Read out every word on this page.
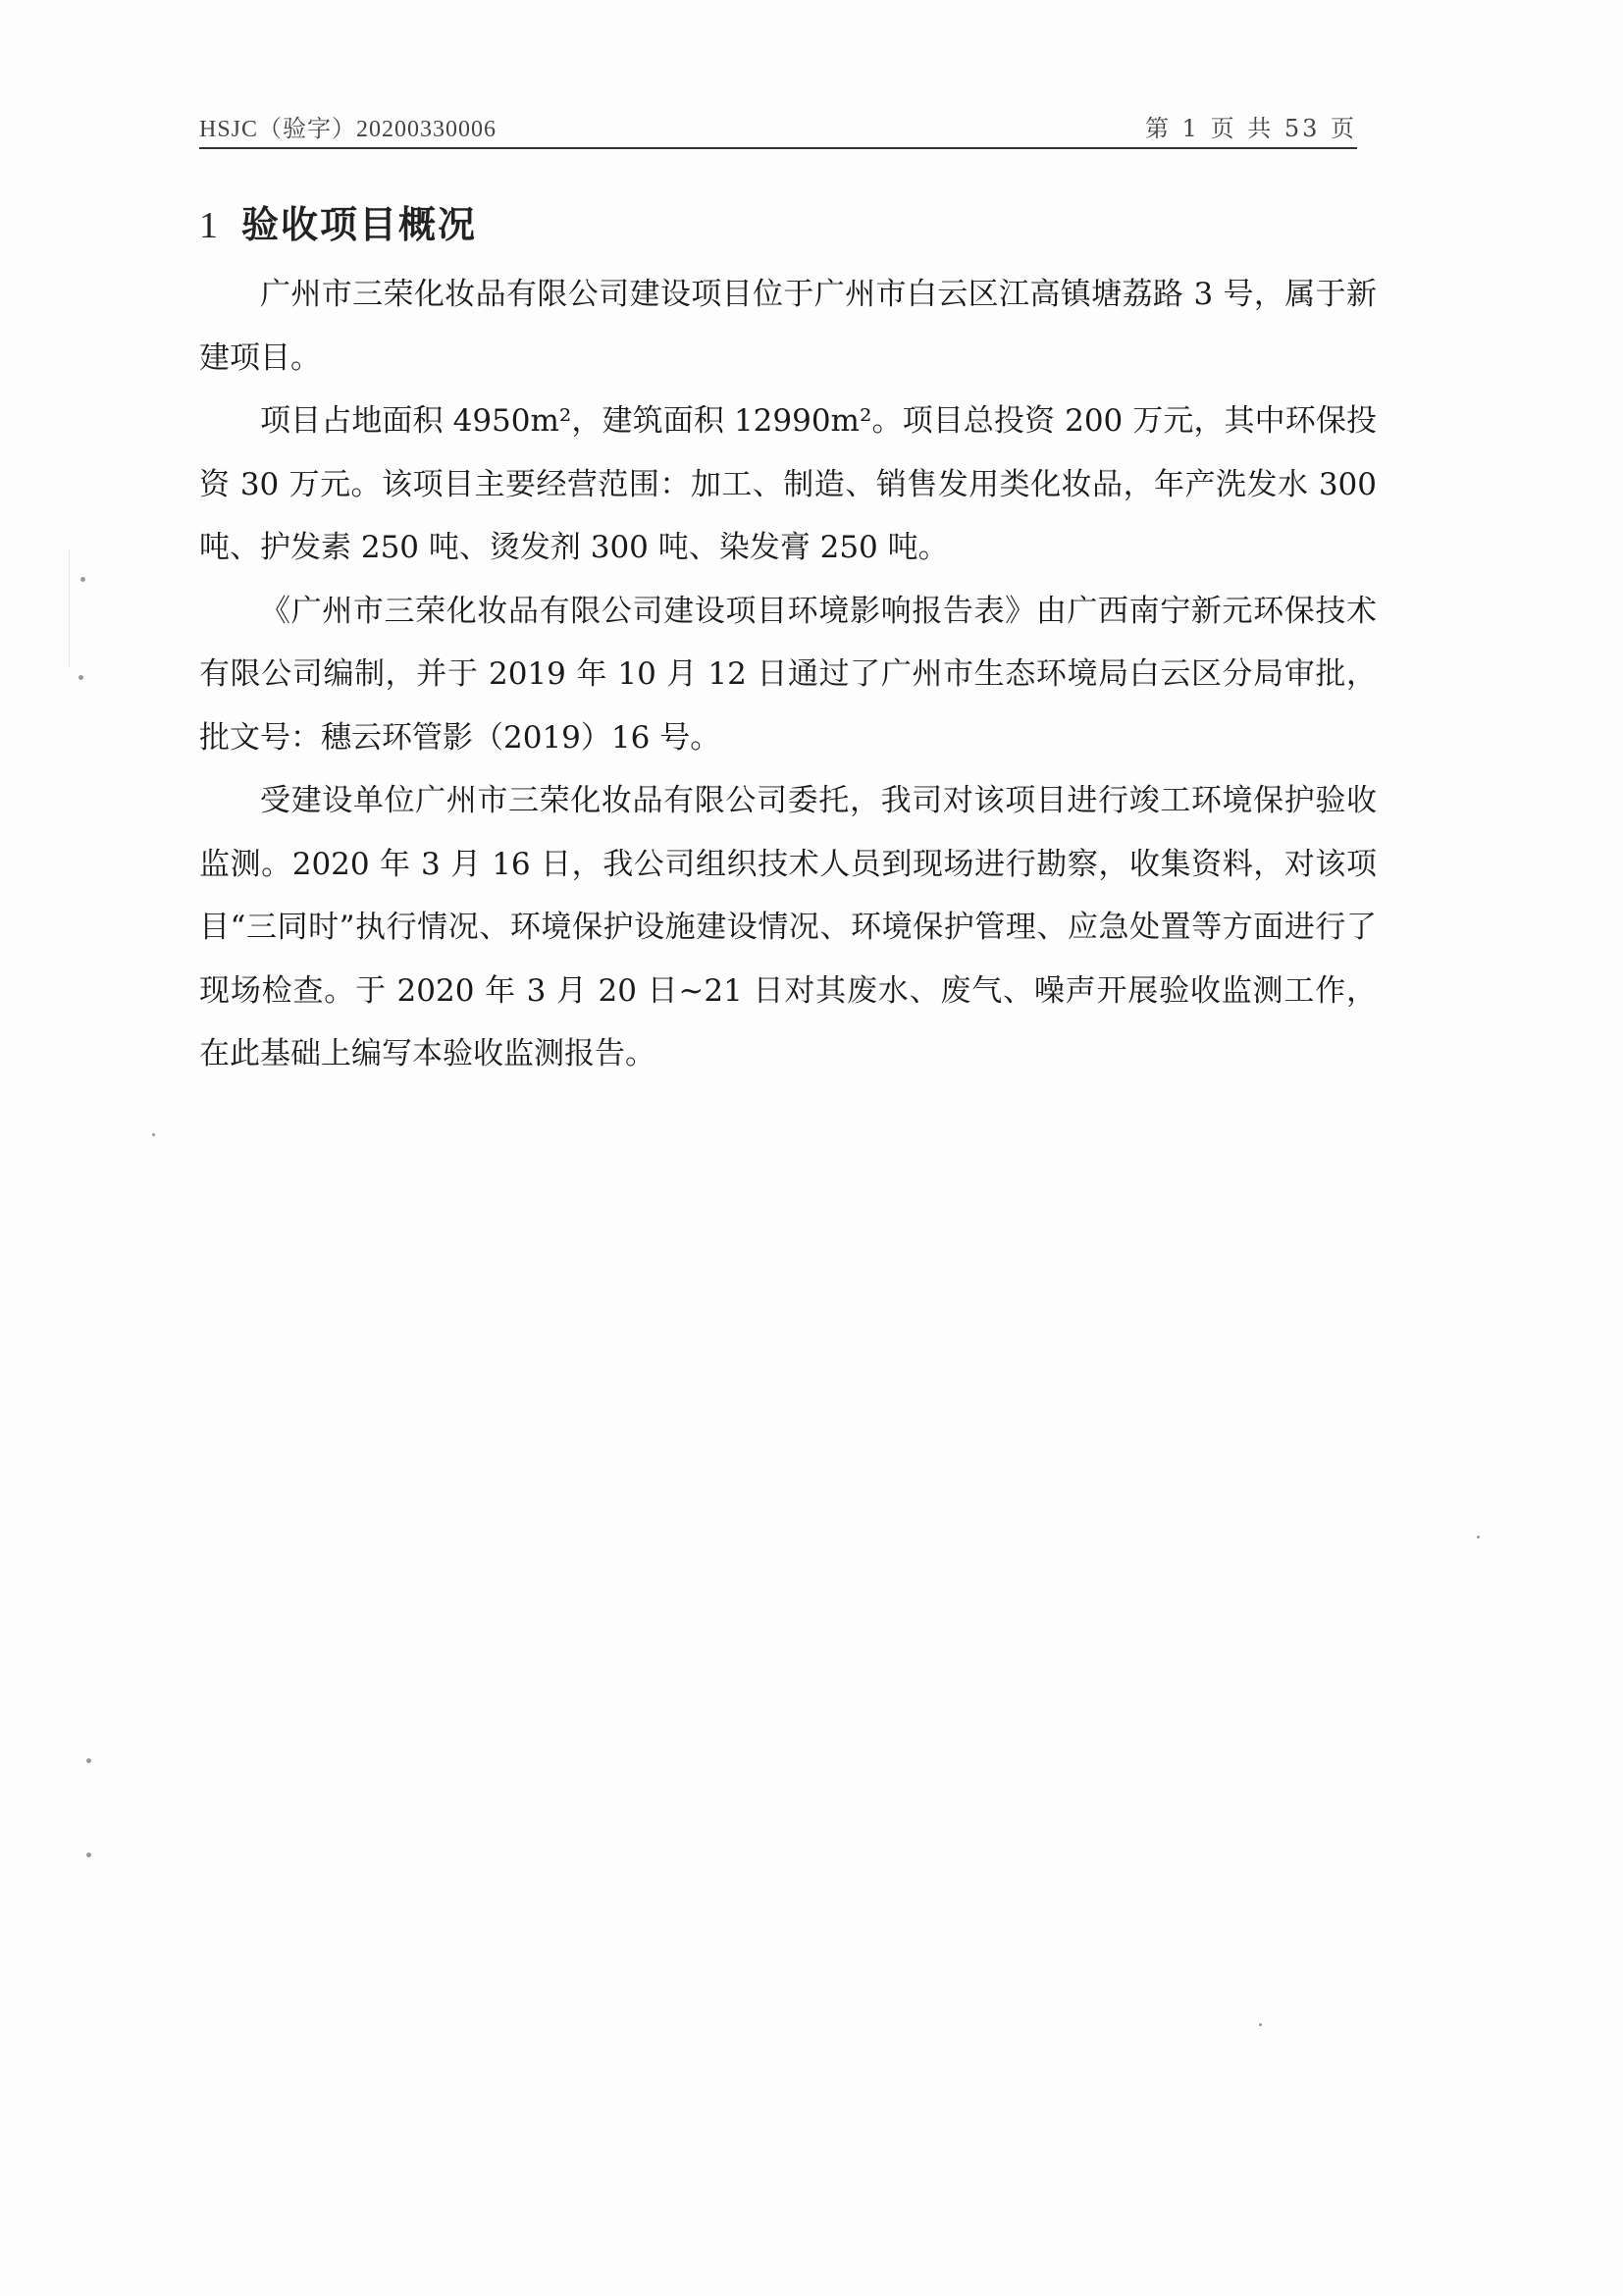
HSJC（验字）20200330006	第 1 页 共 53 页
1 验收项目概况

广州市三荣化妆品有限公司建设项目位于广州市白云区江高镇塘荔路 3 号，属于新建项目。

项目占地面积 4950m²，建筑面积 12990m²。项目总投资 200 万元，其中环保投资 30 万元。该项目主要经营范围：加工、制造、销售发用类化妆品，年产洗发水 300 吨、护发素 250 吨、烫发剂 300 吨、染发膏 250 吨。

《广州市三荣化妆品有限公司建设项目环境影响报告表》由广西南宁新元环保技术有限公司编制，并于 2019 年 10 月 12 日通过了广州市生态环境局白云区分局审批，批文号：穗云环管影（2019）16 号。

受建设单位广州市三荣化妆品有限公司委托，我司对该项目进行竣工环境保护验收监测。2020 年 3 月 16 日，我公司组织技术人员到现场进行勘察，收集资料，对该项目“三同时”执行情况、环境保护设施建设情况、环境保护管理、应急处置等方面进行了现场检查。于 2020 年 3 月 20 日~21 日对其废水、废气、噪声开展验收监测工作，在此基础上编写本验收监测报告。
